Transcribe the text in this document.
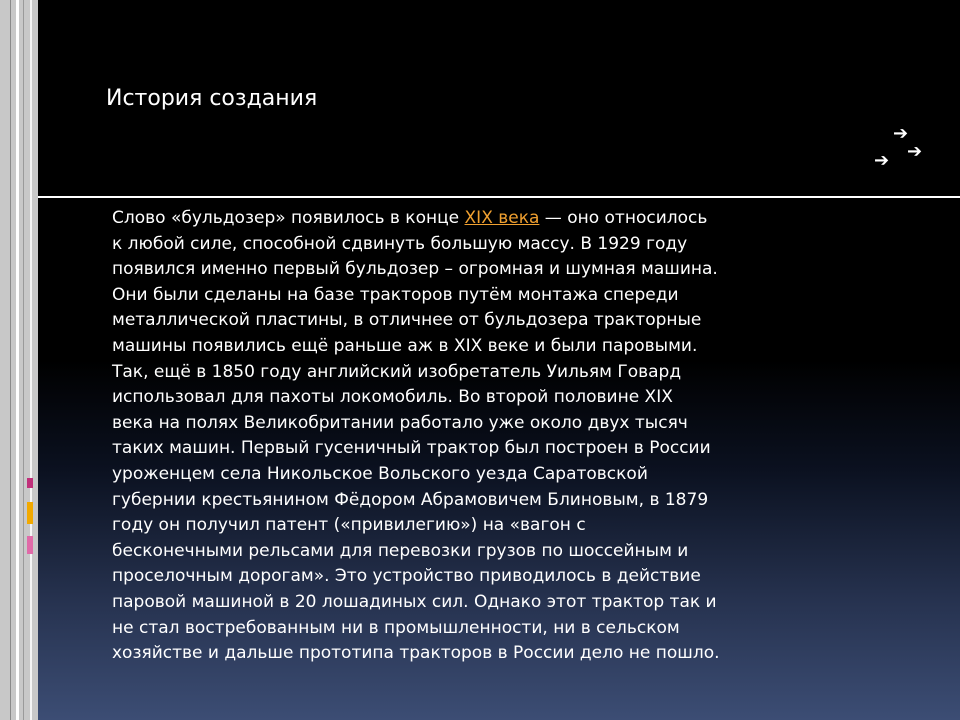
История создания
➔
➔
➔
Слово «бульдозер» появилось в конце XIX века — оно относилось
к любой силе, способной сдвинуть большую массу. В 1929 году
появился именно первый бульдозер – огромная и шумная машина.
Они были сделаны на базе тракторов путём монтажа спереди
металлической пластины, в отличнее от бульдозера тракторные
машины появились ещё раньше аж в XIX веке и были паровыми.
Так, ещё в 1850 году английский изобретатель Уильям Говард
использовал для пахоты локомобиль. Во второй половине XIX
века на полях Великобритании работало уже около двух тысяч
таких машин. Первый гусеничный трактор был построен в России
уроженцем села Никольское Вольского уезда Саратовской
губернии крестьянином Фёдором Абрамовичем Блиновым, в 1879
году он получил патент («привилегию») на «вагон с
бесконечными рельсами для перевозки грузов по шоссейным и
проселочным дорогам». Это устройство приводилось в действие
паровой машиной в 20 лошадиных сил. Однако этот трактор так и
не стал востребованным ни в промышленности, ни в сельском
хозяйстве и дальше прототипа тракторов в России дело не пошло.
